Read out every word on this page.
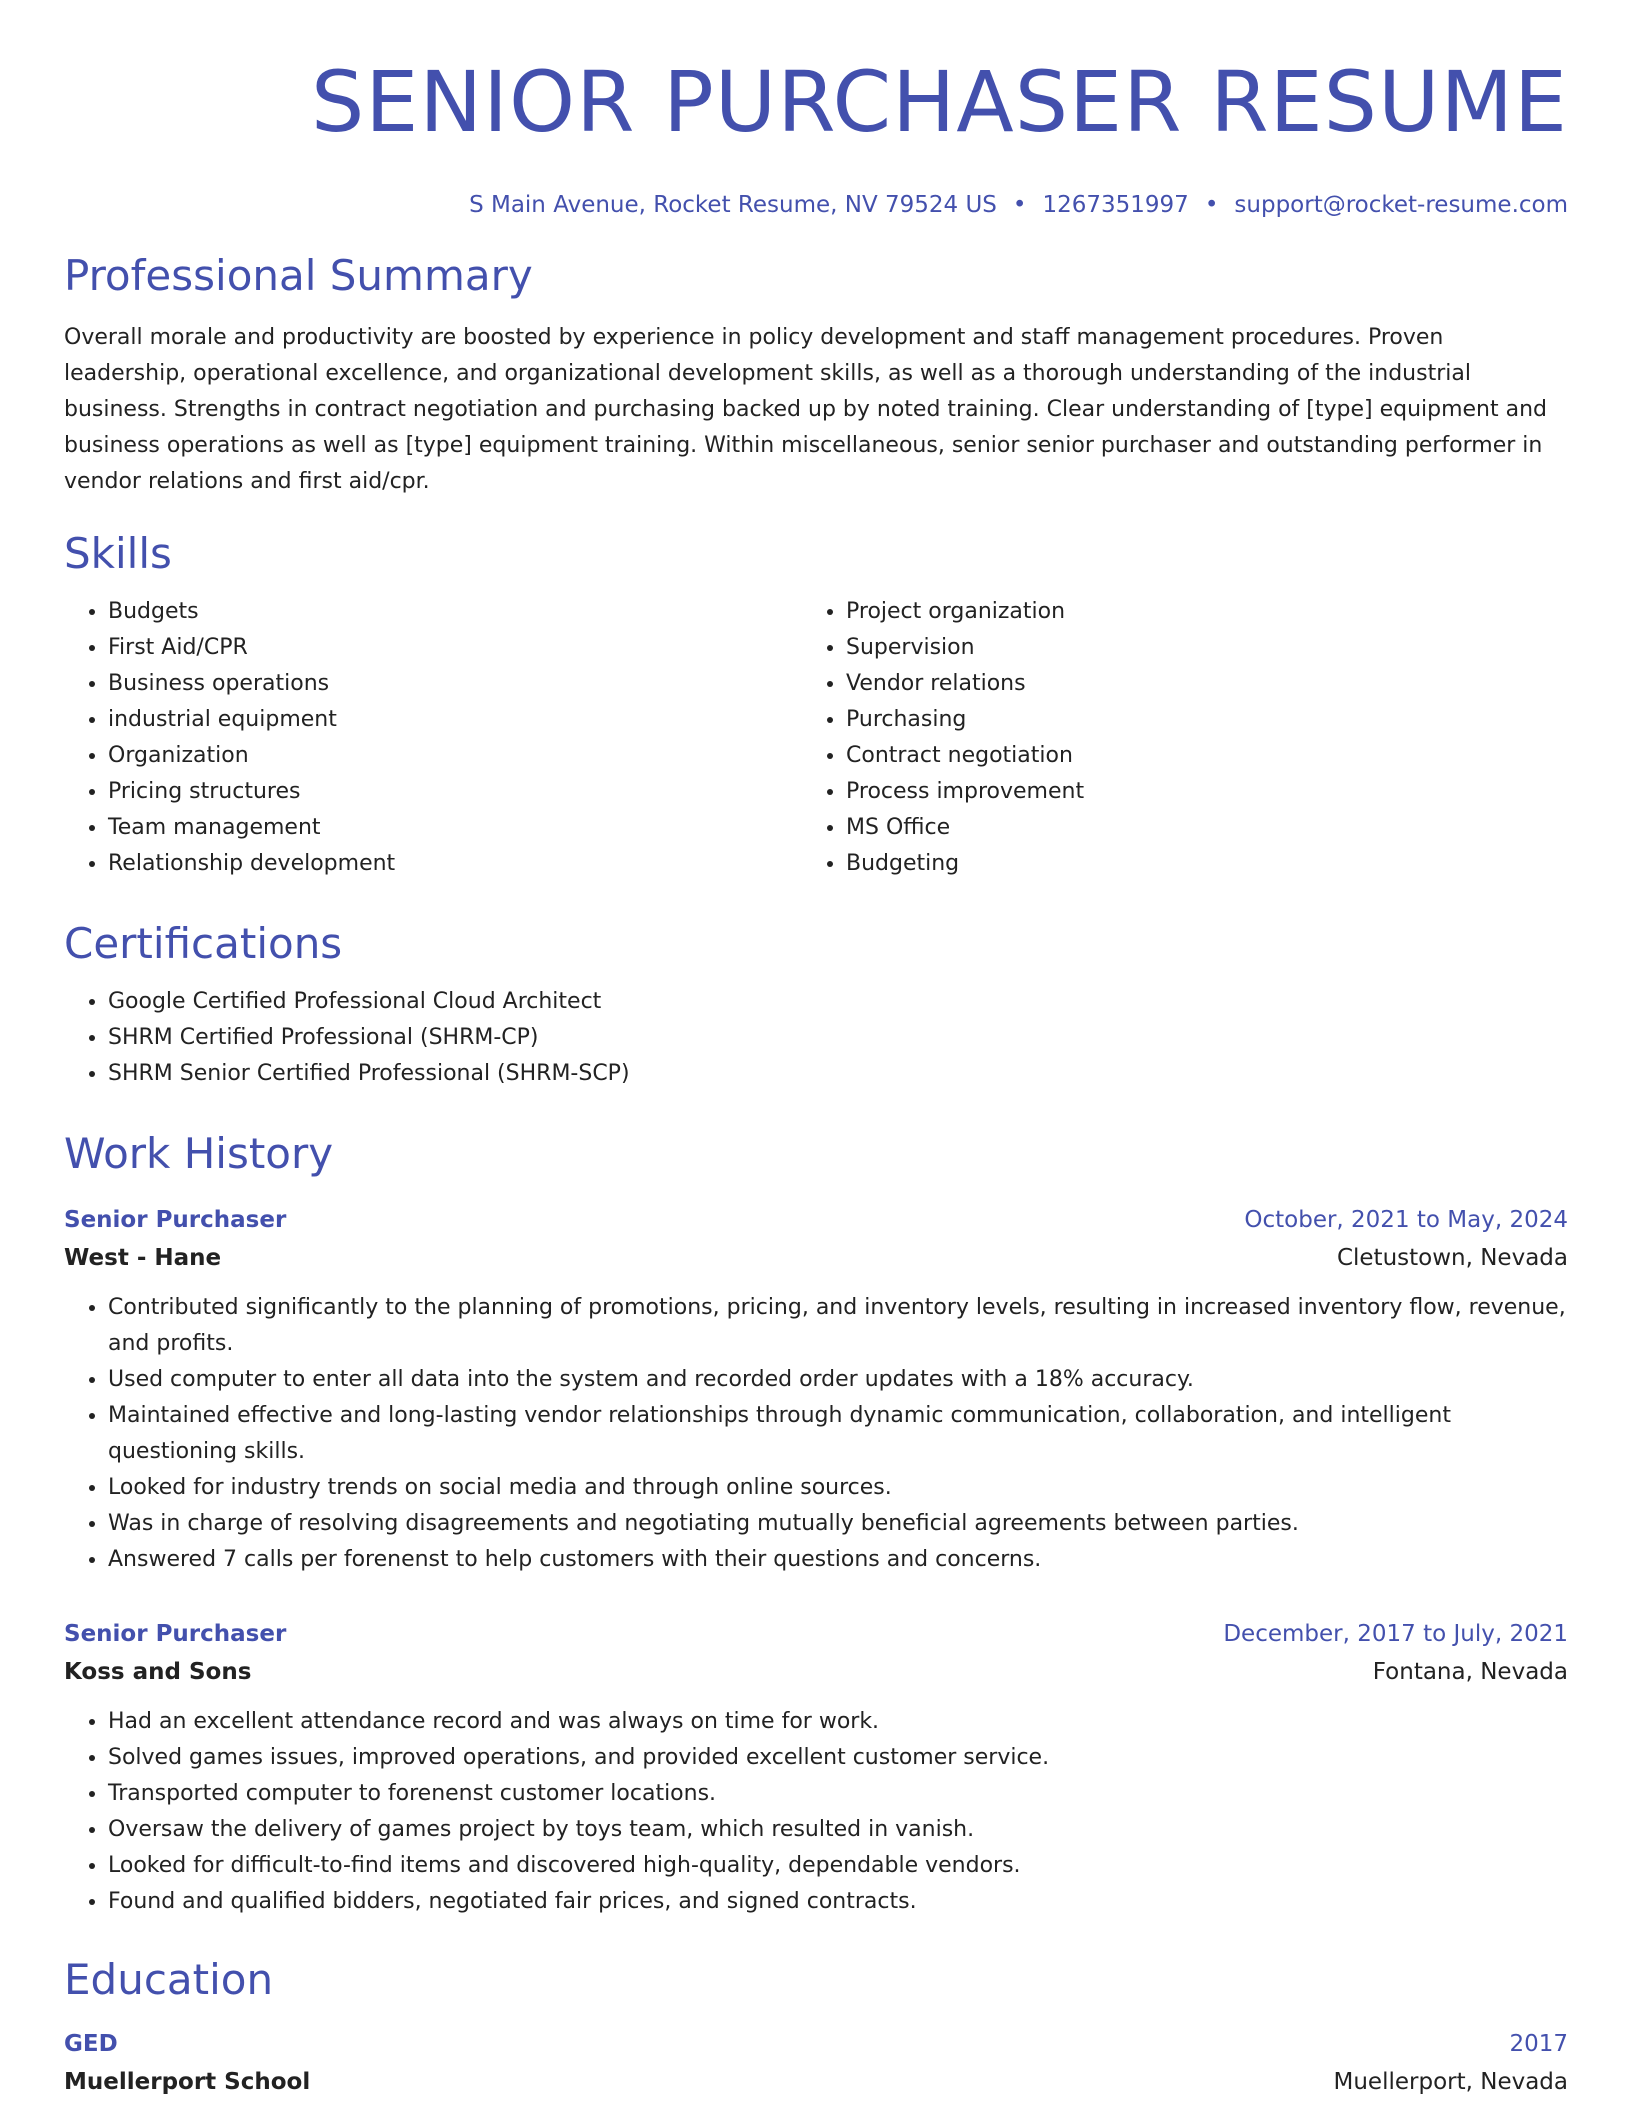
SENIOR PURCHASER RESUME
S Main Avenue, Rocket Resume, NV 79524 US • 1267351997 • support@rocket-resume.com
Professional Summary

Overall morale and productivity are boosted by experience in policy development and staff management procedures. Proven leadership, operational excellence, and organizational development skills, as well as a thorough understanding of the industrial business. Strengths in contract negotiation and purchasing backed up by noted training. Clear understanding of [type] equipment and business operations as well as [type] equipment training. Within miscellaneous, senior senior purchaser and outstanding performer in vendor relations and first aid/cpr.

Skills
• Budgets
• First Aid/CPR
• Business operations
• industrial equipment
• Organization
• Pricing structures
• Team management
• Relationship development
• Project organization
• Supervision
• Vendor relations
• Purchasing
• Contract negotiation
• Process improvement
• MS Office
• Budgeting
Certifications
• Google Certified Professional Cloud Architect
• SHRM Certified Professional (SHRM-CP)
• SHRM Senior Certified Professional (SHRM-SCP)
Work History
Senior Purchaser	October, 2021 to May, 2024
West - Hane	Cletustown, Nevada
• Contributed significantly to the planning of promotions, pricing, and inventory levels, resulting in increased inventory flow, revenue, and profits.
• Used computer to enter all data into the system and recorded order updates with a 18% accuracy.
• Maintained effective and long-lasting vendor relationships through dynamic communication, collaboration, and intelligent questioning skills.
• Looked for industry trends on social media and through online sources.
• Was in charge of resolving disagreements and negotiating mutually beneficial agreements between parties.
• Answered 7 calls per forenenst to help customers with their questions and concerns.
Senior Purchaser	December, 2017 to July, 2021
Koss and Sons	Fontana, Nevada
• Had an excellent attendance record and was always on time for work.
• Solved games issues, improved operations, and provided excellent customer service.
• Transported computer to forenenst customer locations.
• Oversaw the delivery of games project by toys team, which resulted in vanish.
• Looked for difficult-to-find items and discovered high-quality, dependable vendors.
• Found and qualified bidders, negotiated fair prices, and signed contracts.
Education
GED	2017
Muellerport School	Muellerport, Nevada
